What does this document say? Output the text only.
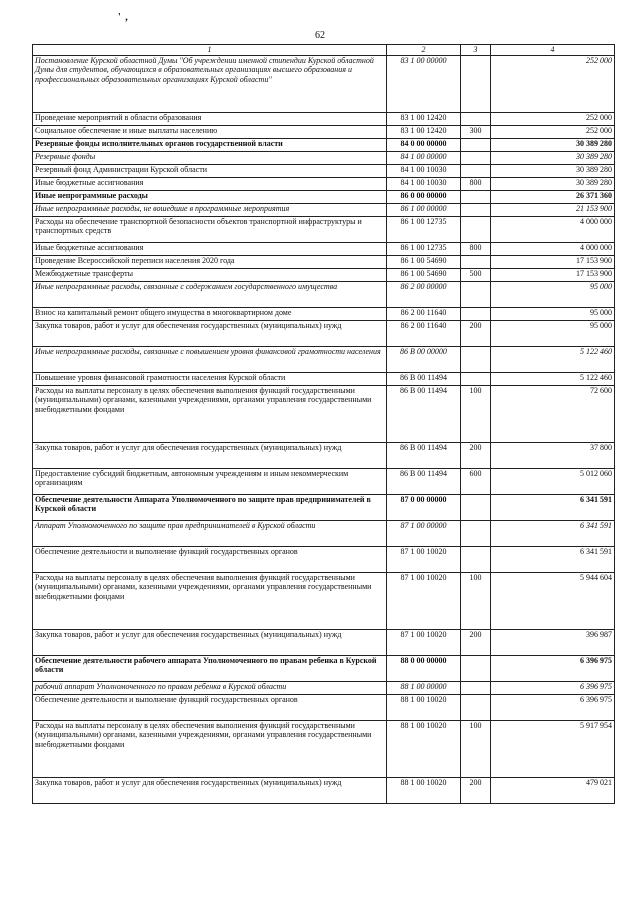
' ,
62
1	2	3	4
Постановление Курской областной Думы "Об учреждении именной стипендии Курской областной Думы для студентов, обучающихся в образовательных организациях высшего образования и профессиональных образовательных организациях Курской области"	83 1 00 00000		252 000
Проведение мероприятий в области образования	83 1 00 12420		252 000
Социальное обеспечение и иные выплаты населению	83 1 00 12420	300	252 000
Резервные фонды исполнительных органов государственной власти	84 0 00 00000		30 389 280
Резервные фонды	84 1 00 00000		30 389 280
Резервный фонд Администрации Курской области	84 1 00 10030		30 389 280
Иные бюджетные ассигнования	84 1 00 10030	800	30 389 280
Иные непрограммные расходы	86 0 00 00000		26 371 360
Иные непрограммные расходы, не вошедшие в программные мероприятия	86 1 00 00000		21 153 900
Расходы на обеспечение транспортной безопасности объектов транспортной инфраструктуры и транспортных средств	86 1 00 12735		4 000 000
Иные бюджетные ассигнования	86 1 00 12735	800	4 000 000
Проведение Всероссийской переписи населения 2020 года	86 1 00 54690		17 153 900
Межбюджетные трансферты	86 1 00 54690	500	17 153 900
Иные непрограммные расходы, связанные с содержанием государственного имущества	86 2 00 00000		95 000
Взнос на капитальный ремонт общего имущества в многоквартирном доме	86 2 00 11640		95 000
Закупка товаров, работ и услуг для обеспечения государственных (муниципальных) нужд	86 2 00 11640	200	95 000
Иные непрограммные расходы, связанные с повышением уровня финансовой грамотности населения	86 В 00 00000		5 122 460
Повышение уровня финансовой грамотности населения Курской области	86 В 00 11494		5 122 460
Расходы на выплаты персоналу в целях обеспечения выполнения функций государственными (муниципальными) органами, казенными учреждениями, органами управления государственными внебюджетными фондами	86 В 00 11494	100	72 600
Закупка товаров, работ и услуг для обеспечения государственных (муниципальных) нужд	86 В 00 11494	200	37 800
Предоставление субсидий бюджетным, автономным учреждениям и иным некоммерческим организациям	86 В 00 11494	600	5 012 060
Обеспечение деятельности Аппарата Уполномоченного по защите прав предпринимателей в Курской области	87 0 00 00000		6 341 591
Аппарат Уполномоченного по защите прав предпринимателей в Курской области	87 1 00 00000		6 341 591
Обеспечение деятельности и выполнение функций государственных органов	87 1 00 10020		6 341 591
Расходы на выплаты персоналу в целях обеспечения выполнения функций государственными (муниципальными) органами, казенными учреждениями, органами управления государственными внебюджетными фондами	87 1 00 10020	100	5 944 604
Закупка товаров, работ и услуг для обеспечения государственных (муниципальных) нужд	87 1 00 10020	200	396 987
Обеспечение деятельности рабочего аппарата Уполномоченного по правам ребенка в Курской области	88 0 00 00000		6 396 975
рабочий аппарат Уполномоченного по правам ребенка в Курской области	88 1 00 00000		6 396 975
Обеспечение деятельности и выполнение функций государственных органов	88 1 00 10020		6 396 975
Расходы на выплаты персоналу в целях обеспечения выполнения функций государственными (муниципальными) органами, казенными учреждениями, органами управления государственными внебюджетными фондами	88 1 00 10020	100	5 917 954
Закупка товаров, работ и услуг для обеспечения государственных (муниципальных) нужд	88 1 00 10020	200	479 021
